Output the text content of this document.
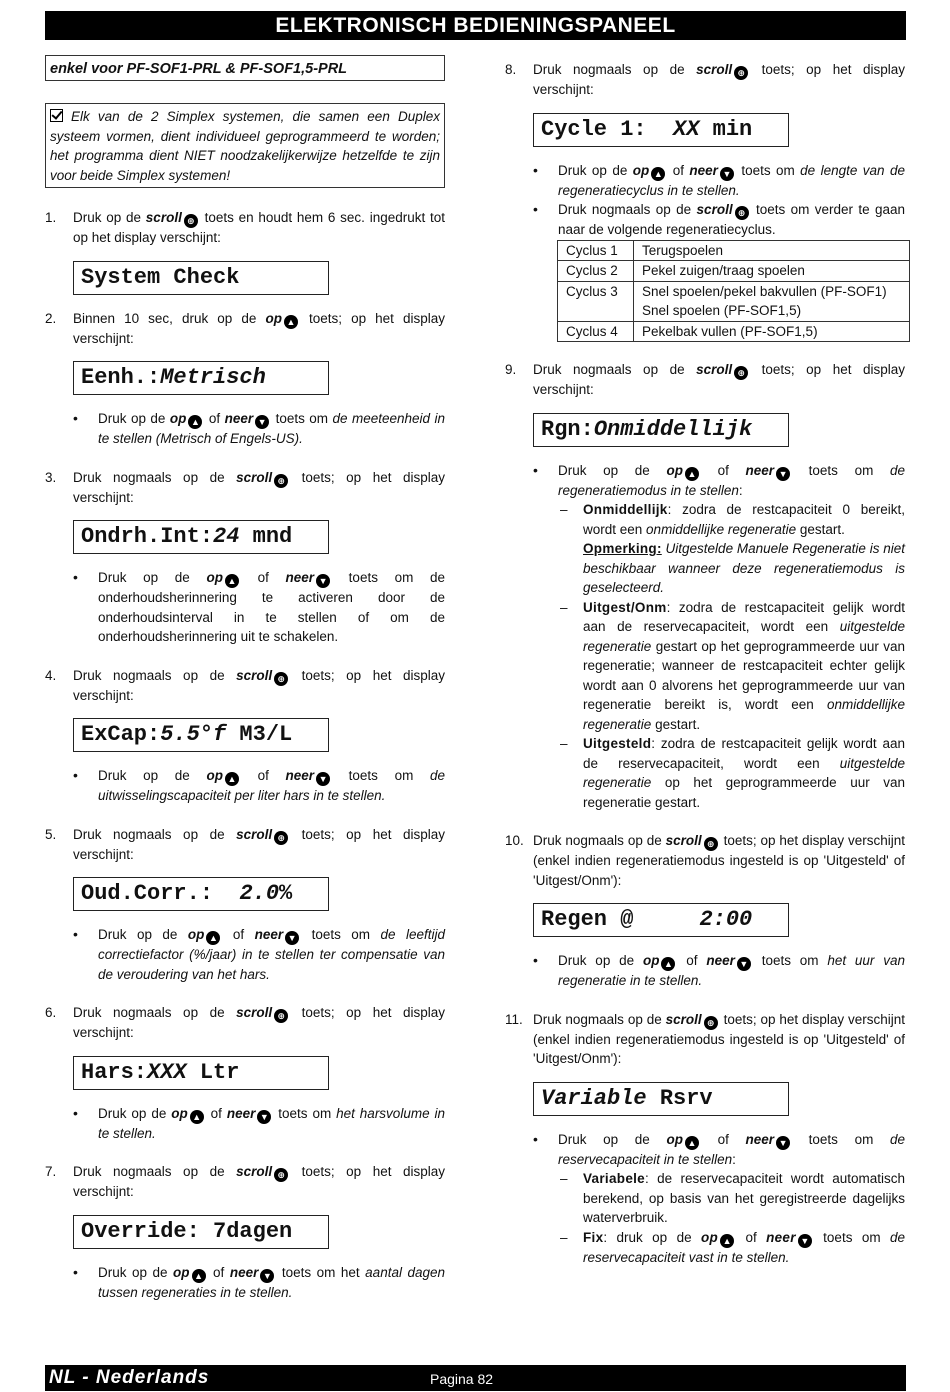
ELEKTRONISCH BEDIENINGSPANEEL
enkel voor PF-SOF1-PRL & PF-SOF1,5-PRL
Elk van de 2 Simplex systemen, die samen een Duplex systeem vormen, dient individueel geprogrammeerd te worden; het programma dient NIET noodzakelijkerwijze hetzelfde te zijn voor beide Simplex systemen!
1. Druk op de scroll ⊕ toets en houdt hem 6 sec. ingedrukt tot op het display verschijnt:
System Check
2. Binnen 10 sec, druk op de op ▲ toets; op het display verschijnt:
Eenh.:Metrisch
• Druk op de op ▲ of neer ▼ toets om de meeteenheid in te stellen (Metrisch of Engels-US).
3. Druk nogmaals op de scroll ⊕ toets; op het display verschijnt:
Ondrh.Int:24 mnd
• Druk op de op ▲ of neer ▼ toets om de onderhoudsherinnering te activeren door de onderhoudsinterval in te stellen of om de onderhoudsherinnering uit te schakelen.
4. Druk nogmaals op de scroll ⊕ toets; op het display verschijnt:
ExCap:5.5°f M3/L
• Druk op de op ▲ of neer ▼ toets om de uitwisselingscapaciteit per liter hars in te stellen.
5. Druk nogmaals op de scroll ⊕ toets; op het display verschijnt:
Oud.Corr.:  2.0%
• Druk op de op ▲ of neer ▼ toets om de leeftijd correctiefactor (%/jaar) in te stellen ter compensatie van de veroudering van het hars.
6. Druk nogmaals op de scroll ⊕ toets; op het display verschijnt:
Hars:XXX Ltr
• Druk op de op ▲ of neer ▼ toets om het harsvolume in te stellen.
7. Druk nogmaals op de scroll ⊕ toets; op het display verschijnt:
Override: 7dagen
• Druk op de op ▲ of neer ▼ toets om het aantal dagen tussen regeneraties in te stellen.
8. Druk nogmaals op de scroll ⊕ toets; op het display verschijnt:
Cycle 1:  XX min
• Druk op de op ▲ of neer ▼ toets om de lengte van de regeneratiecyclus in te stellen.
• Druk nogmaals op de scroll ⊕ toets om verder te gaan naar de volgende regeneratiecyclus.
Cyclus 1	Terugspoelen
Cyclus 2	Pekel zuigen/traag spoelen
Cyclus 3	Snel spoelen/pekel bakvullen (PF-SOF1)
Snel spoelen (PF-SOF1,5)

Cyclus 4	Pekelbak vullen (PF-SOF1,5)
9. Druk nogmaals op de scroll ⊕ toets; op het display verschijnt:
Rgn:Onmiddellijk
• Druk op de op ▲ of neer ▼ toets om de regeneratiemodus in te stellen:
– Onmiddellijk: zodra de restcapaciteit 0 bereikt, wordt een onmiddellijke regeneratie gestart.
Opmerking: Uitgestelde Manuele Regeneratie is niet beschikbaar wanneer deze regeneratiemodus is geselecteerd.
– Uitgest/Onm: zodra de restcapaciteit gelijk wordt aan de reservecapaciteit, wordt een uitgestelde regeneratie gestart op het geprogrammeerde uur van regeneratie; wanneer de restcapaciteit echter gelijk wordt aan 0 alvorens het geprogrammeerde uur van regeneratie bereikt is, wordt een onmiddellijke regeneratie gestart.
– Uitgesteld: zodra de restcapaciteit gelijk wordt aan de reservecapaciteit, wordt een uitgestelde regeneratie op het geprogrammeerde uur van regeneratie gestart.
10. Druk nogmaals op de scroll ⊕ toets; op het display verschijnt (enkel indien regeneratiemodus ingesteld is op 'Uitgesteld' of 'Uitgest/Onm'):
Regen @     2:00
• Druk op de op ▲ of neer ▼ toets om het uur van regeneratie in te stellen.
11. Druk nogmaals op de scroll ⊕ toets; op het display verschijnt (enkel indien regeneratiemodus ingesteld is op 'Uitgesteld' of 'Uitgest/Onm'):
Variable Rsrv
• Druk op de op ▲ of neer ▼ toets om de reservecapaciteit in te stellen:
– Variabele: de reservecapaciteit wordt automatisch berekend, op basis van het geregistreerde dagelijks waterverbruik.
– Fix: druk op de op ▲ of neer ▼ toets om de reservecapaciteit vast in te stellen.
NL - Nederlands	Pagina 82
